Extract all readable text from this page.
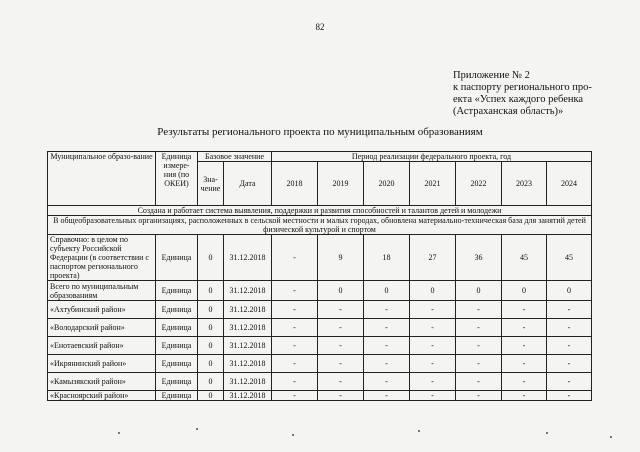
82
Приложение № 2
к паспорту регионального про-
екта «Успех каждого ребенка
(Астраханская область)»
Результаты регионального проекта по муниципальным образованиям
Муниципальное образо-вание	Единица измере-ния (по ОКЕИ)	Базовое значение		Период реализации федерального проекта, год						
		Зна-чение	Дата	2018	2019	2020	2021	2022	2023	2024
Создана и работает система выявления, поддержки и развития способностей и талантов детей и молодежи										
В общеобразовательных организациях, расположенных в сельской местности и малых городах, обновлена материально-техническая база для занятий детей физической культурой и спортом										
Справочно: в целом по субъекту Российской Федерации (в соответствии с паспортом регионального проекта)	Единица	0	31.12.2018	-	9	18	27	36	45	45
Всего по муниципальным образованиям	Единица	0	31.12.2018	-	0	0	0	0	0	0
«Ахтубинский район»	Единица	0	31.12.2018	-	-	-	-	-	-	-
«Володарский район»	Единица	0	31.12.2018	-	-	-	-	-	-	-
«Енотаевский район»	Единица	0	31.12.2018	-	-	-	-	-	-	-
«Икрянинский район»	Единица	0	31.12.2018	-	-	-	-	-	-	-
«Камызякский район»	Единица	0	31.12.2018	-	-	-	-	-	-	-
«Красноярский район»	Единица	0	31.12.2018	-	-	-	-	-	-	-
